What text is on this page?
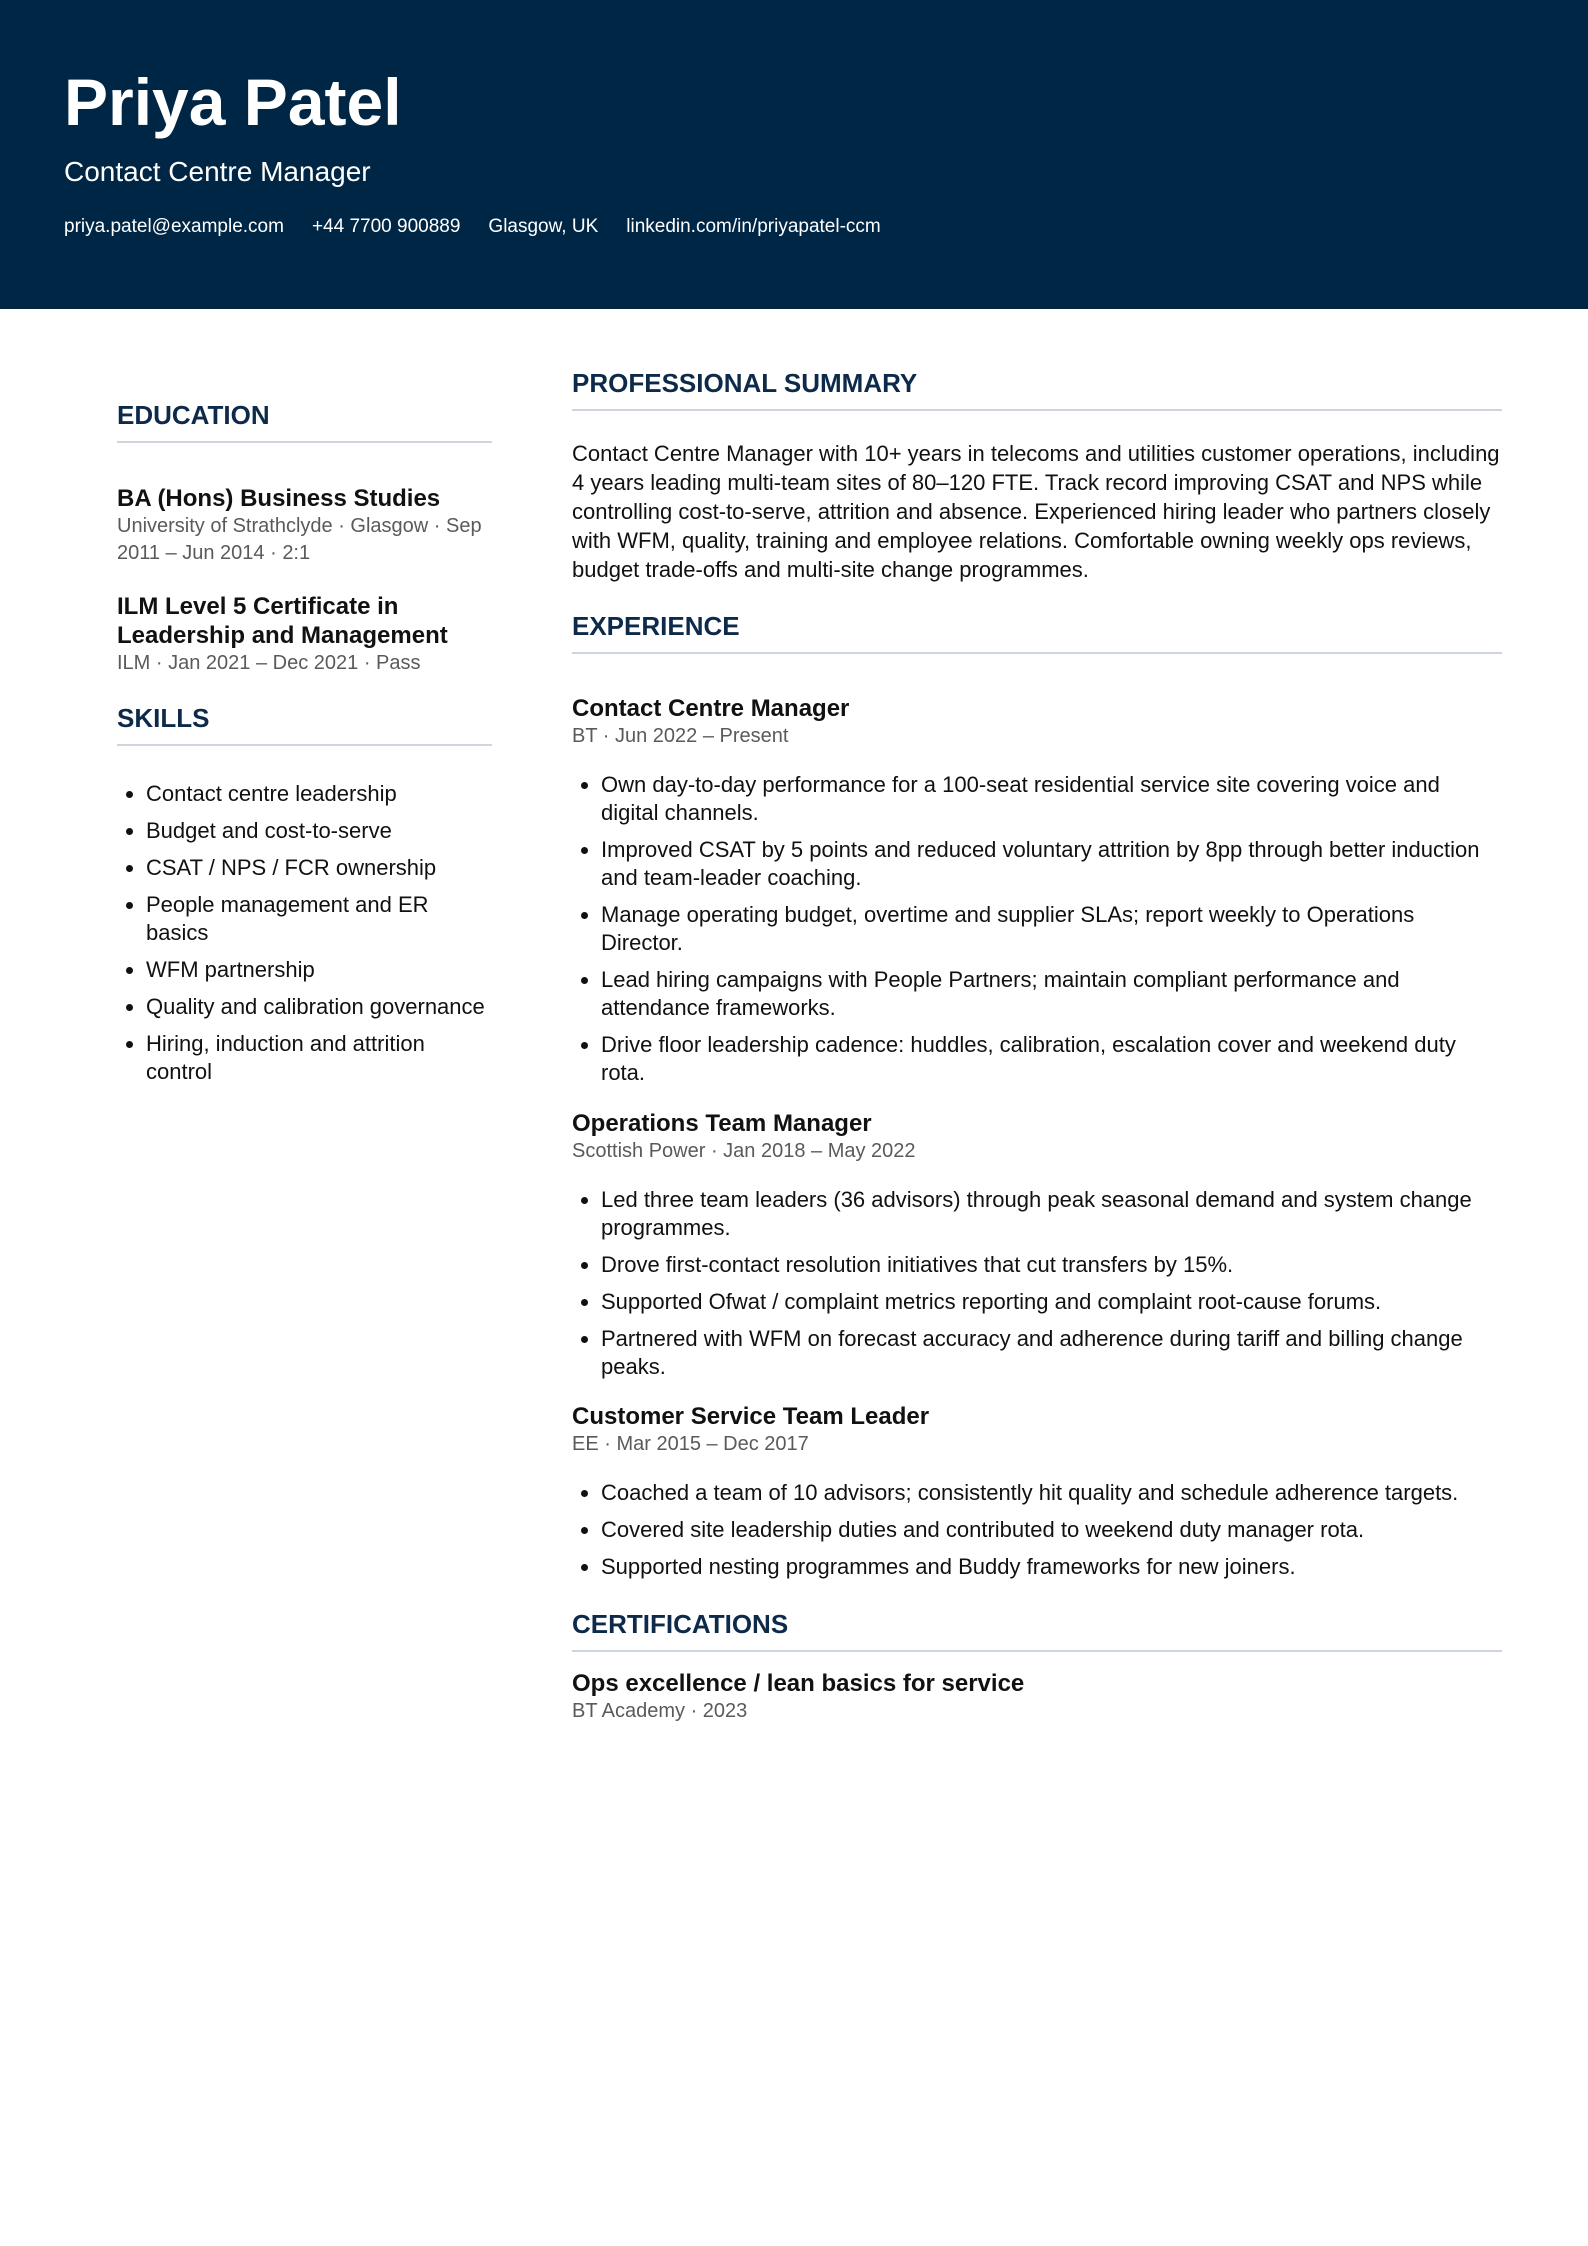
Priya Patel
Contact Centre Manager
priya.patel@example.com +44 7700 900889 Glasgow, UK linkedin.com/in/priyapatel-ccm
EDUCATION
BA (Hons) Business Studies
University of Strathclyde · Glasgow · Sep 2011 – Jun 2014 · 2:1
ILM Level 5 Certificate in Leadership and Management
ILM · Jan 2021 – Dec 2021 · Pass
SKILLS
• Contact centre leadership
• Budget and cost-to-serve
• CSAT / NPS / FCR ownership
• People management and ER basics
• WFM partnership
• Quality and calibration governance
• Hiring, induction and attrition control
PROFESSIONAL SUMMARY

Contact Centre Manager with 10+ years in telecoms and utilities customer operations, including 4 years leading multi-team sites of 80–120 FTE. Track record improving CSAT and NPS while controlling cost-to-serve, attrition and absence. Experienced hiring leader who partners closely with WFM, quality, training and employee relations. Comfortable owning weekly ops reviews, budget trade-offs and multi-site change programmes.

EXPERIENCE
Contact Centre Manager
BT · Jun 2022 – Present
• Own day-to-day performance for a 100-seat residential service site covering voice and digital channels.
• Improved CSAT by 5 points and reduced voluntary attrition by 8pp through better induction and team-leader coaching.
• Manage operating budget, overtime and supplier SLAs; report weekly to Operations Director.
• Lead hiring campaigns with People Partners; maintain compliant performance and attendance frameworks.
• Drive floor leadership cadence: huddles, calibration, escalation cover and weekend duty rota.
Operations Team Manager
Scottish Power · Jan 2018 – May 2022
• Led three team leaders (36 advisors) through peak seasonal demand and system change programmes.
• Drove first-contact resolution initiatives that cut transfers by 15%.
• Supported Ofwat / complaint metrics reporting and complaint root-cause forums.
• Partnered with WFM on forecast accuracy and adherence during tariff and billing change peaks.
Customer Service Team Leader
EE · Mar 2015 – Dec 2017
• Coached a team of 10 advisors; consistently hit quality and schedule adherence targets.
• Covered site leadership duties and contributed to weekend duty manager rota.
• Supported nesting programmes and Buddy frameworks for new joiners.
CERTIFICATIONS
Ops excellence / lean basics for service
BT Academy · 2023
